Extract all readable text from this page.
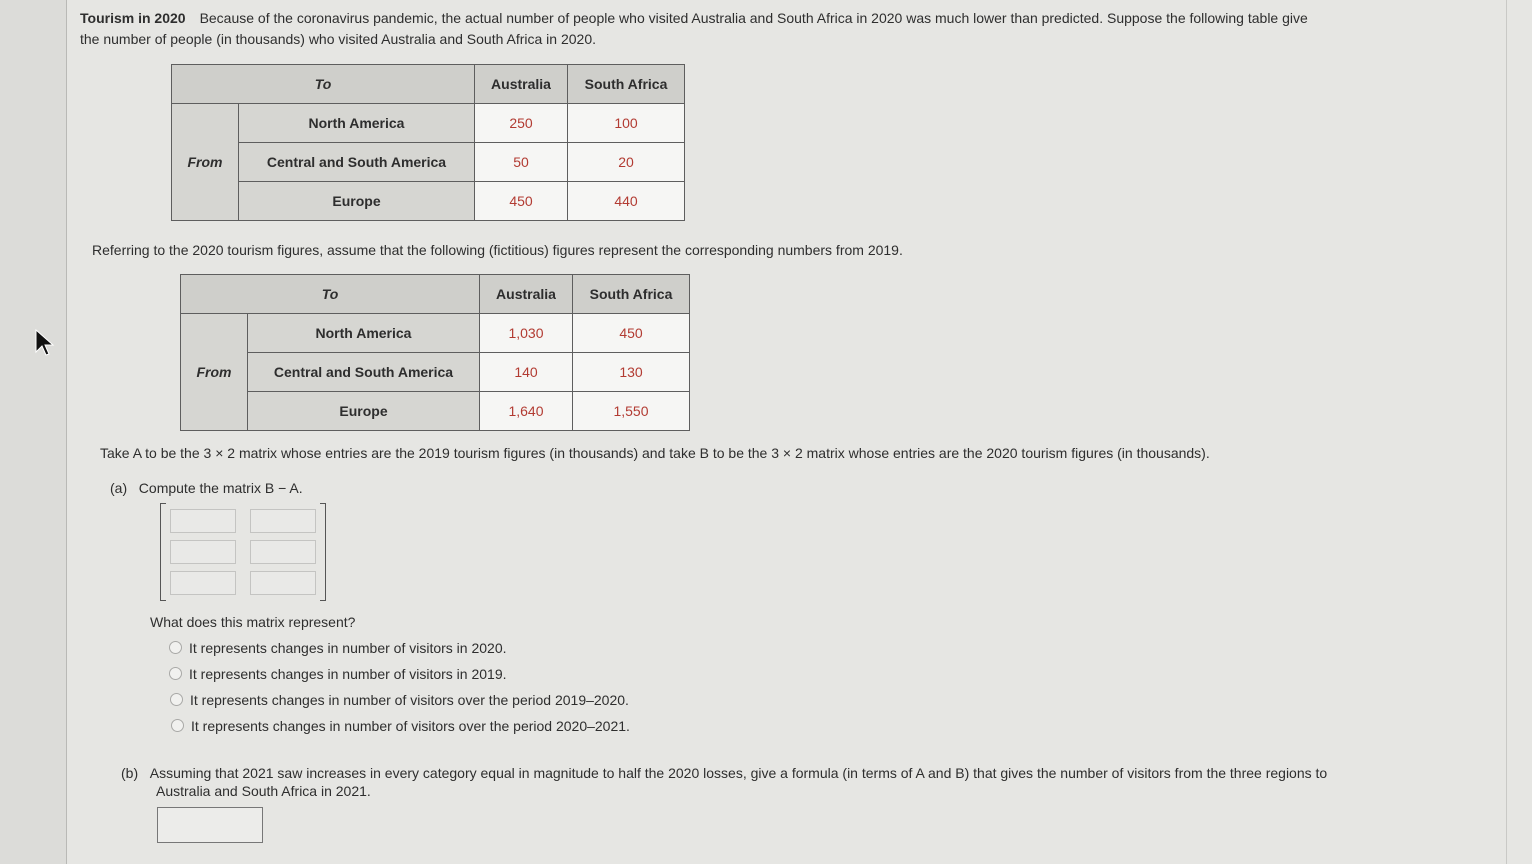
Tourism in 2020 Because of the coronavirus pandemic, the actual number of people who visited Australia and South Africa in 2020 was much lower than predicted. Suppose the following table give
the number of people (in thousands) who visited Australia and South Africa in 2020.

To		Australia	South Africa
From	North America	250	100
	Central and South America	50	20
	Europe	450	440
Referring to the 2020 tourism figures, assume that the following (fictitious) figures represent the corresponding numbers from 2019.
To		Australia	South Africa
From	North America	1,030	450
	Central and South America	140	130
	Europe	1,640	1,550
Take A to be the 3 × 2 matrix whose entries are the 2019 tourism figures (in thousands) and take B to be the 3 × 2 matrix whose entries are the 2020 tourism figures (in thousands).
(a) Compute the matrix B − A.
What does this matrix represent?
It represents changes in number of visitors in 2020.
It represents changes in number of visitors in 2019.
It represents changes in number of visitors over the period 2019–2020.
It represents changes in number of visitors over the period 2020–2021.
(b) Assuming that 2021 saw increases in every category equal in magnitude to half the 2020 losses, give a formula (in terms of A and B) that gives the number of visitors from the three regions to
Australia and South Africa in 2021.
